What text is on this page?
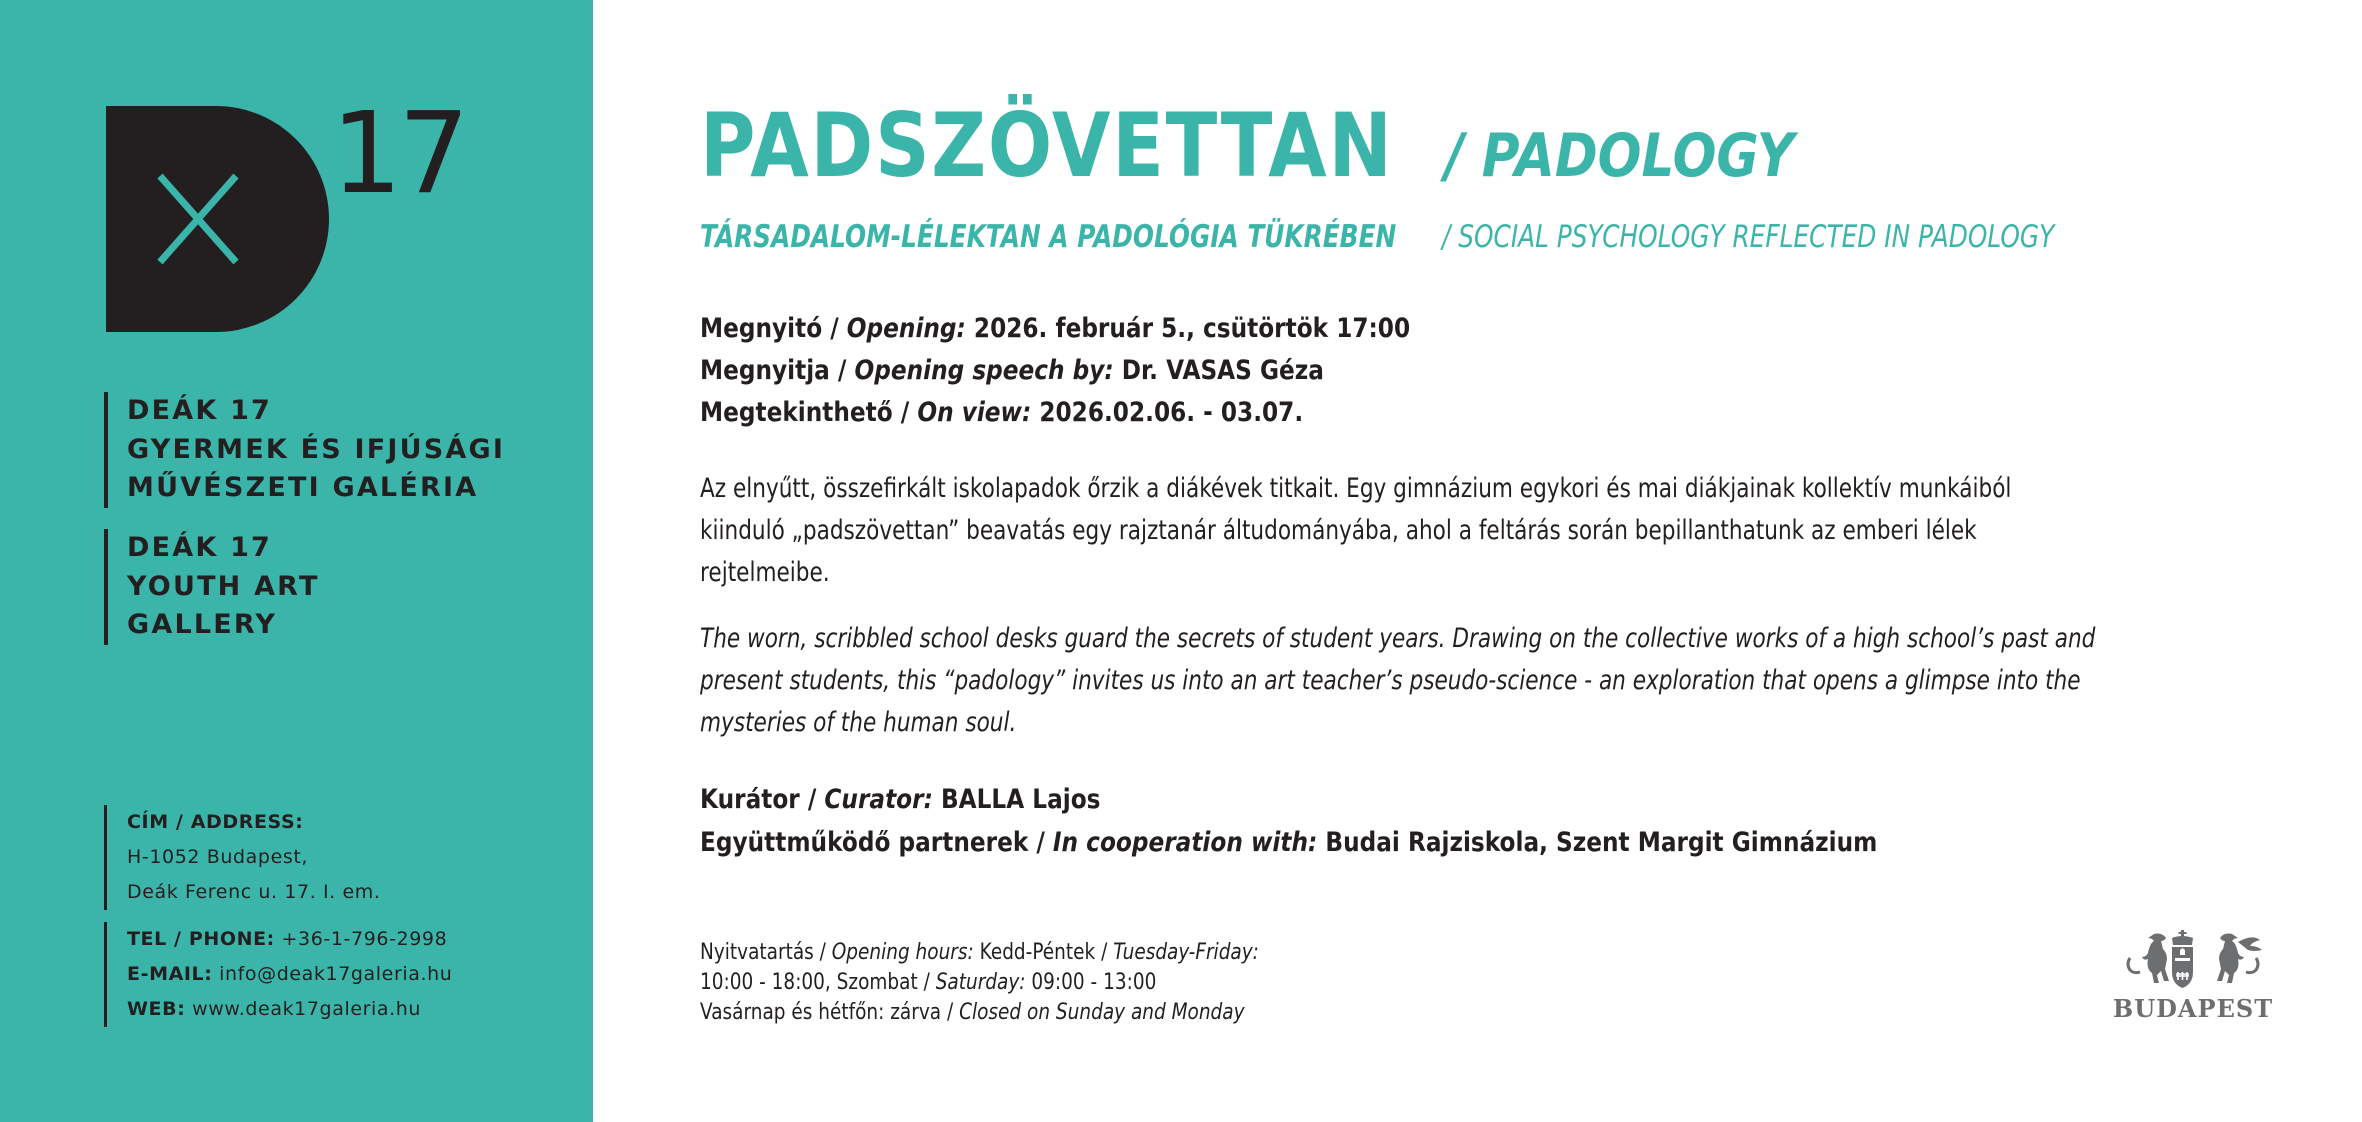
17
DEÁK 17
GYERMEK ÉS IFJÚSÁGI
MŰVÉSZETI GALÉRIA
DEÁK 17
YOUTH ART
GALLERY
CÍM / ADDRESS:
H-1052 Budapest,
Deák Ferenc u. 17. I. em.
TEL / PHONE: +36-1-796-2998
E-MAIL: info@deak17galeria.hu
WEB: www.deak17galeria.hu
PADSZÖVETTAN / PADOLOGY
TÁRSADALOM-LÉLEKTAN A PADOLÓGIA TÜKRÉBEN / SOCIAL PSYCHOLOGY REFLECTED IN PADOLOGY
Megnyitó / Opening: 2026. február 5., csütörtök 17:00
Megnyitja / Opening speech by: Dr. VASAS Géza
Megtekinthető / On view: 2026.02.06. - 03.07.
Az elnyűtt, összefirkált iskolapadok őrzik a diákévek titkait. Egy gimnázium egykori és mai diákjainak kollektív munkáiból
kiinduló „padszövettan” beavatás egy rajztanár áltudományába, ahol a feltárás során bepillanthatunk az emberi lélek
rejtelmeibe.
The worn, scribbled school desks guard the secrets of student years. Drawing on the collective works of a high school’s past and
present students, this “padology” invites us into an art teacher’s pseudo-science - an exploration that opens a glimpse into the
mysteries of the human soul.
Kurátor / Curator: BALLA Lajos
Együttműködő partnerek / In cooperation with: Budai Rajziskola, Szent Margit Gimnázium
Nyitvatartás / Opening hours: Kedd-Péntek / Tuesday-Friday:
10:00 - 18:00, Szombat / Saturday: 09:00 - 13:00
Vasárnap és hétfőn: zárva / Closed on Sunday and Monday	BUDAPEST
